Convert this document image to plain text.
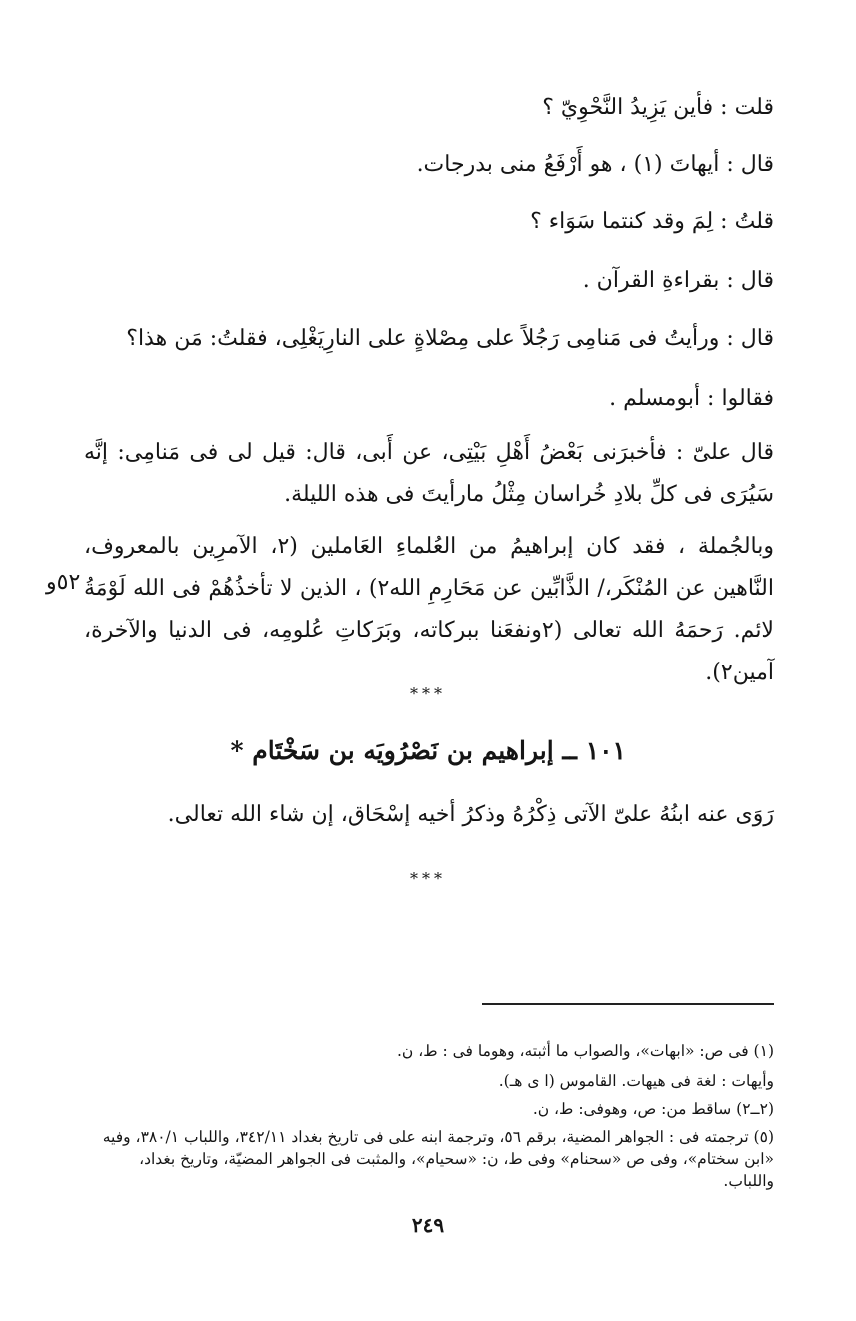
قلت : فأين يَزِيدُ النَّحْوِيّ ؟
قال : أيهاتَ (١) ، هو أَرْفَعُ منى بدرجات.
قلتُ : لِمَ وقد كنتما سَوَاء ؟
قال : بقراءةِ القرآن .
قال : ورأيتُ فى مَنامِى رَجُلاً على مِصْلاةٍ على النارِيَغْلِى، فقلتُ: مَن هذا؟
فقالوا : أبومسلم .
قال علىّ : فأخبرَنى بَعْضُ أَهْلِ بَيْتِى، عن أَبى، قال: قيل لى فى مَنامِى: إنَّه سَيُرَى فى كلِّ بلادِ خُراسان مِثْلُ مارأيتَ فى هذه الليلة.
وبالجُملة ، فقد كان إبراهيمُ من العُلماءِ العَاملين (٢، الآمرِين بالمعروف، النَّاهين عن المُنْكَر،/ الذَّابِّين عن مَحَارِمِ الله٢) ، الذين لا تأخذُهُمْ فى الله لَوْمَةُ لائم. رَحمَهُ الله تعالى (٢ونفعَنا ببركاته، وبَرَكاتِ عُلومِه، فى الدنيا والآخرة، آمين٢).
٥٢و
***
١٠١ ــ إبراهيم بن نَصْرُويَه بن سَخْتَام *
رَوَى عنه ابنُهُ علىّ الآتى ذِكْرُهُ وذكرُ أخيه إسْحَاق، إن شاء الله تعالى.
***
(١) فى ص: «ابهات»، والصواب ما أثبته، وهوما فى : ط، ن.
وأيهات : لغة فى هيهات. القاموس (ا ى هـ).
(٢ــ٢) ساقط من: ص، وهوفى: ط، ن.
(٥) ترجمته فى : الجواهر المضية، برقم ٥٦، وترجمة ابنه على فى تاريخ بغداد ٣٤٢/١١، واللباب ٣٨٠/١، وفيه «ابن سختام»، وفى ص «سحنام» وفى ط، ن: «سحيام»، والمثبت فى الجواهر المضيّة، وتاريخ بغداد، واللباب.
٢٤٩
